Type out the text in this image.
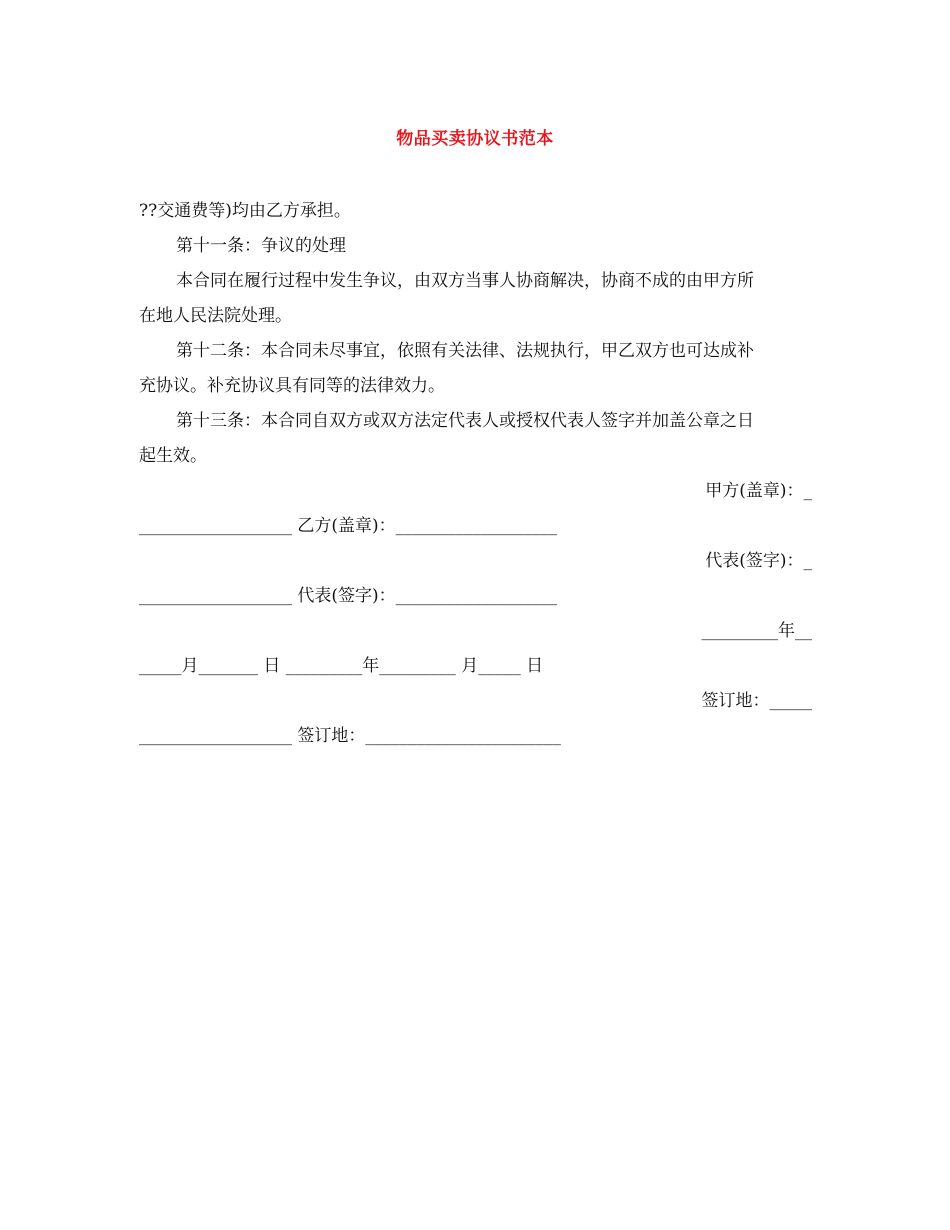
物品买卖协议书范本
??交通费等)均由乙方承担。
第十一条：争议的处理
本合同在履行过程中发生争议，由双方当事人协商解决，协商不成的由甲方所
在地人民法院处理。
第十二条：本合同未尽事宜，依照有关法律、法规执行，甲乙双方也可达成补
充协议。补充协议具有同等的法律效力。
第十三条：本合同自双方或双方法定代表人或授权代表人签字并加盖公章之日
起生效。
甲方(盖章)：_
__________________ 乙方(盖章)：___________________
代表(签字)：_
__________________ 代表(签字)：___________________
_________年__
_____月_______ 日 _________年_________ 月_____ 日
签订地：_____
__________________ 签订地：_______________________
